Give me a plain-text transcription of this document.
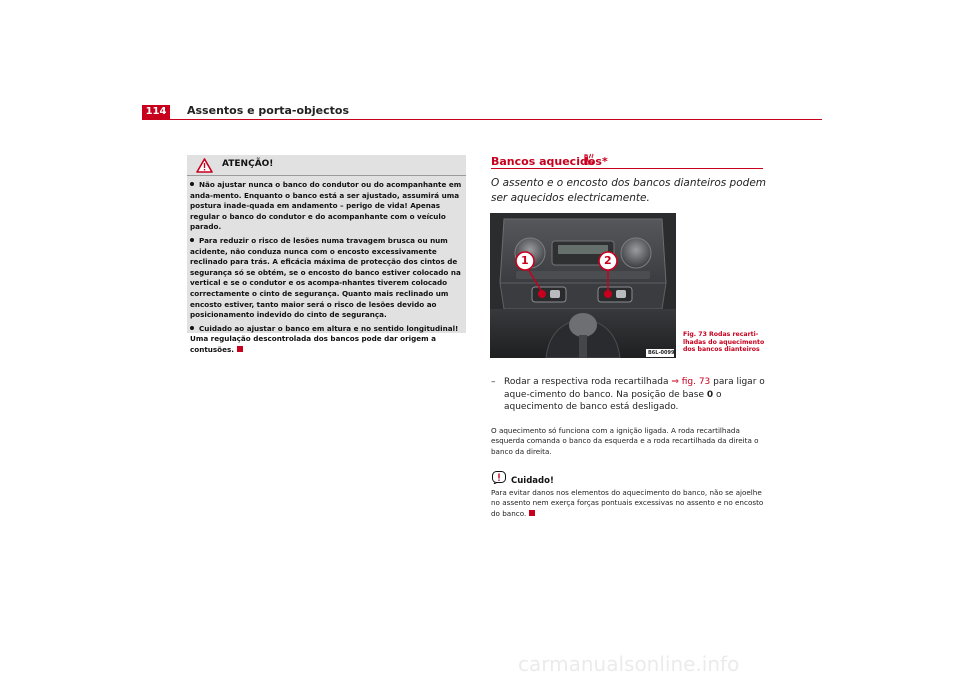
114	Assentos e porta-objectos
ATENÇÃO!
Não ajustar nunca o banco do condutor ou do acompanhante em anda-mento. Enquanto o banco está a ser ajustado, assumirá uma postura inade-quada em andamento – perigo de vida! Apenas regular o banco do condutor e do acompanhante com o veículo parado.
Para reduzir o risco de lesões numa travagem brusca ou num acidente, não conduza nunca com o encosto excessivamente reclinado para trás. A eficácia máxima de protecção dos cintos de segurança só se obtém, se o encosto do banco estiver colocado na vertical e se o condutor e os acompa-nhantes tiverem colocado correctamente o cinto de segurança. Quanto mais reclinado um encosto estiver, tanto maior será o risco de lesões devido ao posicionamento indevido do cinto de segurança.
Cuidado ao ajustar o banco em altura e no sentido longitudinal! Uma regulação descontrolada dos bancos pode dar origem a contusões.
Bancos aquecidos*
O assento e o encosto dos bancos dianteiros podem ser aquecidos electricamente.
1	2
B6L-0099
Fig. 73 Rodas recarti-lhadas do aquecimento dos bancos dianteiros
– Rodar a respectiva roda recartilhada ⇒ fig. 73 para ligar o aque-cimento do banco. Na posição de base 0 o aquecimento de banco está desligado.
O aquecimento só funciona com a ignição ligada. A roda recartilhada esquerda comanda o banco da esquerda e a roda recartilhada da direita o banco da direita.
Cuidado!
Para evitar danos nos elementos do aquecimento do banco, não se ajoelhe no assento nem exerça forças pontuais excessivas no assento e no encosto do banco.
carmanualsonline.info
